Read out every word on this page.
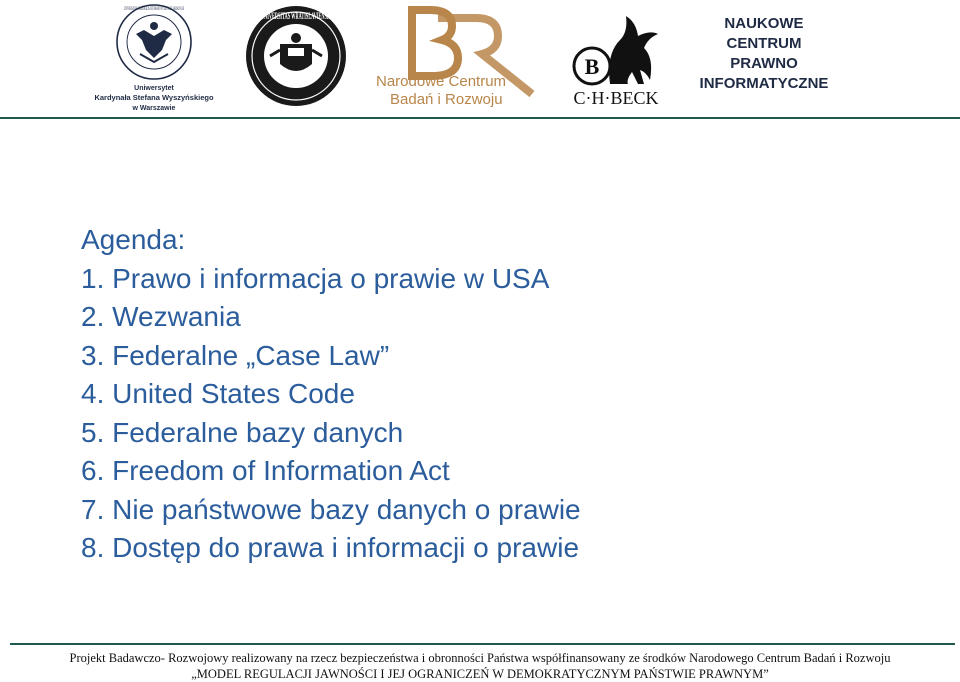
UNIVERSITAS CARDINALIS STEPHANI WYSZYNSKI VARSOVIAE
Uniwersytet
Kardynała Stefana Wyszyńskiego
w Warszawie
UNIVERSITAS WRATISLAVIENSIS
Narodowe Centrum
Badań i Rozwoju
B
C·H·BECK
NAUKOWE
CENTRUM
PRAWNO
INFORMATYCZNE
Agenda:
1. Prawo i informacja o prawie w USA
2. Wezwania
3. Federalne „Case Law”
4. United States Code
5. Federalne bazy danych
6. Freedom of Information Act
7. Nie państwowe bazy danych o prawie
8. Dostęp do prawa i informacji o prawie
Projekt Badawczo- Rozwojowy realizowany na rzecz bezpieczeństwa i obronności Państwa współfinansowany ze środków Narodowego Centrum Badań i Rozwoju
„MODEL REGULACJI JAWNOŚCI I JEJ OGRANICZEŃ W DEMOKRATYCZNYM PAŃSTWIE PRAWNYM”
